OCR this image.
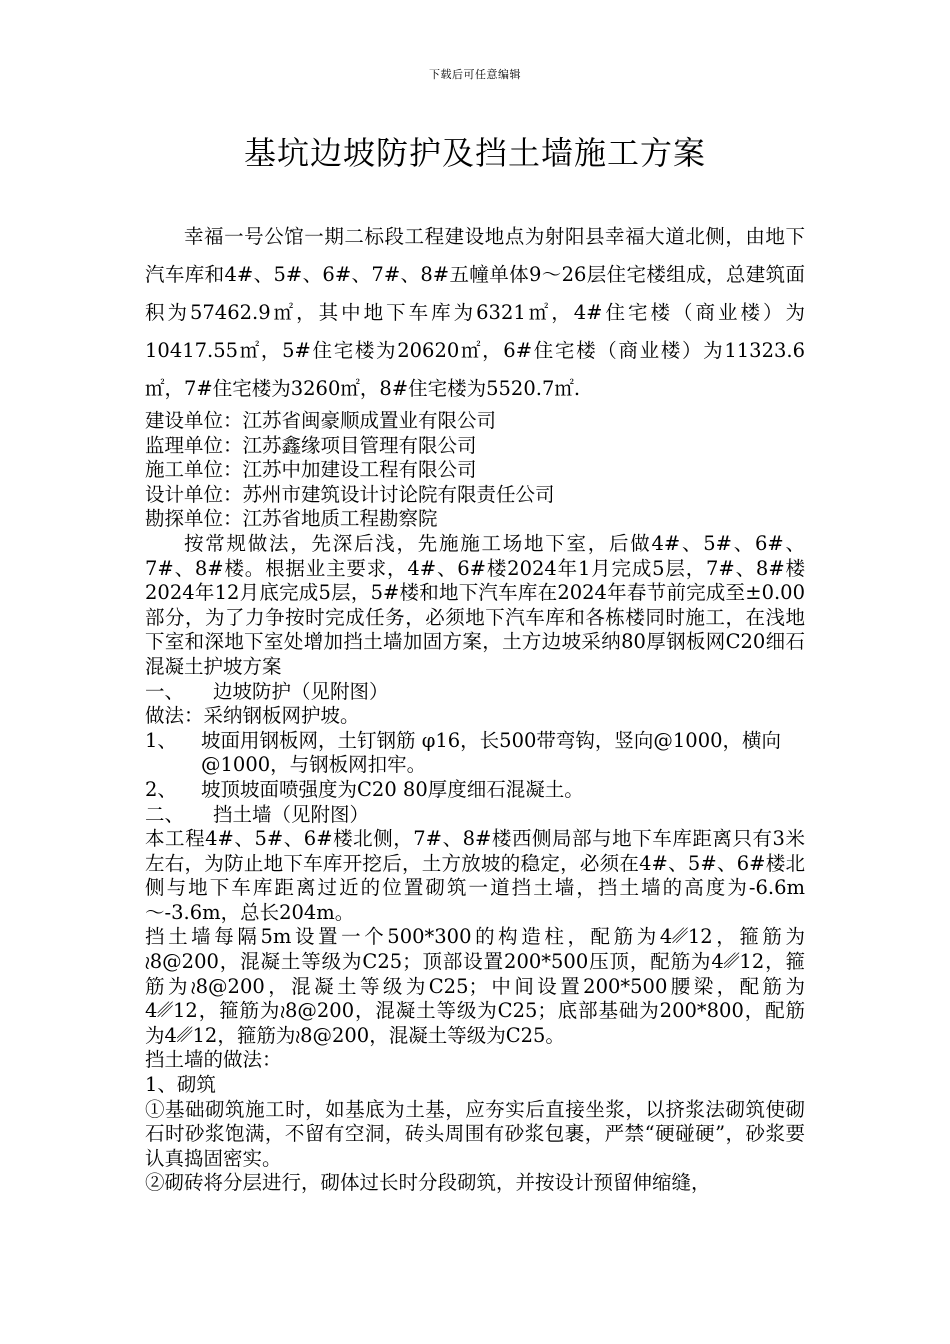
下载后可任意编辑
基坑边坡防护及挡土墙施工方案

幸福一号公馆一期二标段工程建设地点为射阳县幸福大道北侧，由地下汽车库和4#、5#、6#、7#、8#五幢单体9～26层住宅楼组成，总建筑面积为57462.9㎡，其中地下车库为6321㎡，4#住宅楼（商业楼）为10417.55㎡，5#住宅楼为20620㎡，6#住宅楼（商业楼）为11323.6㎡，7#住宅楼为3260㎡，8#住宅楼为5520.7㎡.

建设单位：江苏省闽豪顺成置业有限公司

监理单位：江苏鑫缘项目管理有限公司

施工单位：江苏中加建设工程有限公司

设计单位：苏州市建筑设计讨论院有限责任公司

勘探单位：江苏省地质工程勘察院

按常规做法，先深后浅，先施施工场地下室，后做4#、5#、6#、7#、8#楼。根据业主要求，4#、6#楼2024年1月完成5层，7#、8#楼2024年12月底完成5层，5#楼和地下汽车库在2024年春节前完成至±0.00部分，为了力争按时完成任务，必须地下汽车库和各栋楼同时施工，在浅地下室和深地下室处增加挡土墙加固方案，土方边坡采纳80厚钢板网C20细石混凝土护坡方案

一、	边坡防护（见附图）

做法：采纳钢板网护坡。

1、	坡面用钢板网，土钉钢筋 φ16，长500带弯钩，竖向@1000，横向@1000，与钢板网扣牢。
2、	坡顶坡面喷强度为C20 80厚度细石混凝土。
二、	挡土墙（见附图）

本工程4#、5#、6#楼北侧，7#、8#楼西侧局部与地下车库距离只有3米左右，为防止地下车库开挖后，土方放坡的稳定，必须在4#、5#、6#楼北侧与地下车库距离过近的位置砌筑一道挡土墙，挡土墙的高度为-6.6m～-3.6m，总长204m。

挡土墙每隔5m设置一个500*300的构造柱，配筋为4␥12，箍筋为≀8@200，混凝土等级为C25；顶部设置200*500压顶，配筋为4␥12，箍筋为≀8@200，混凝土等级为C25；中间设置200*500腰梁，配筋为4␥12，箍筋为≀8@200，混凝土等级为C25；底部基础为200*800，配筋为4␥12，箍筋为≀8@200，混凝土等级为C25。

挡土墙的做法：

1、砌筑

①基础砌筑施工时，如基底为土基，应夯实后直接坐浆，以挤浆法砌筑使砌石时砂浆饱满，不留有空洞，砖头周围有砂浆包裹，严禁“硬碰硬”，砂浆要认真捣固密实。

②砌砖将分层进行，砌体过长时分段砌筑，并按设计预留伸缩缝，
